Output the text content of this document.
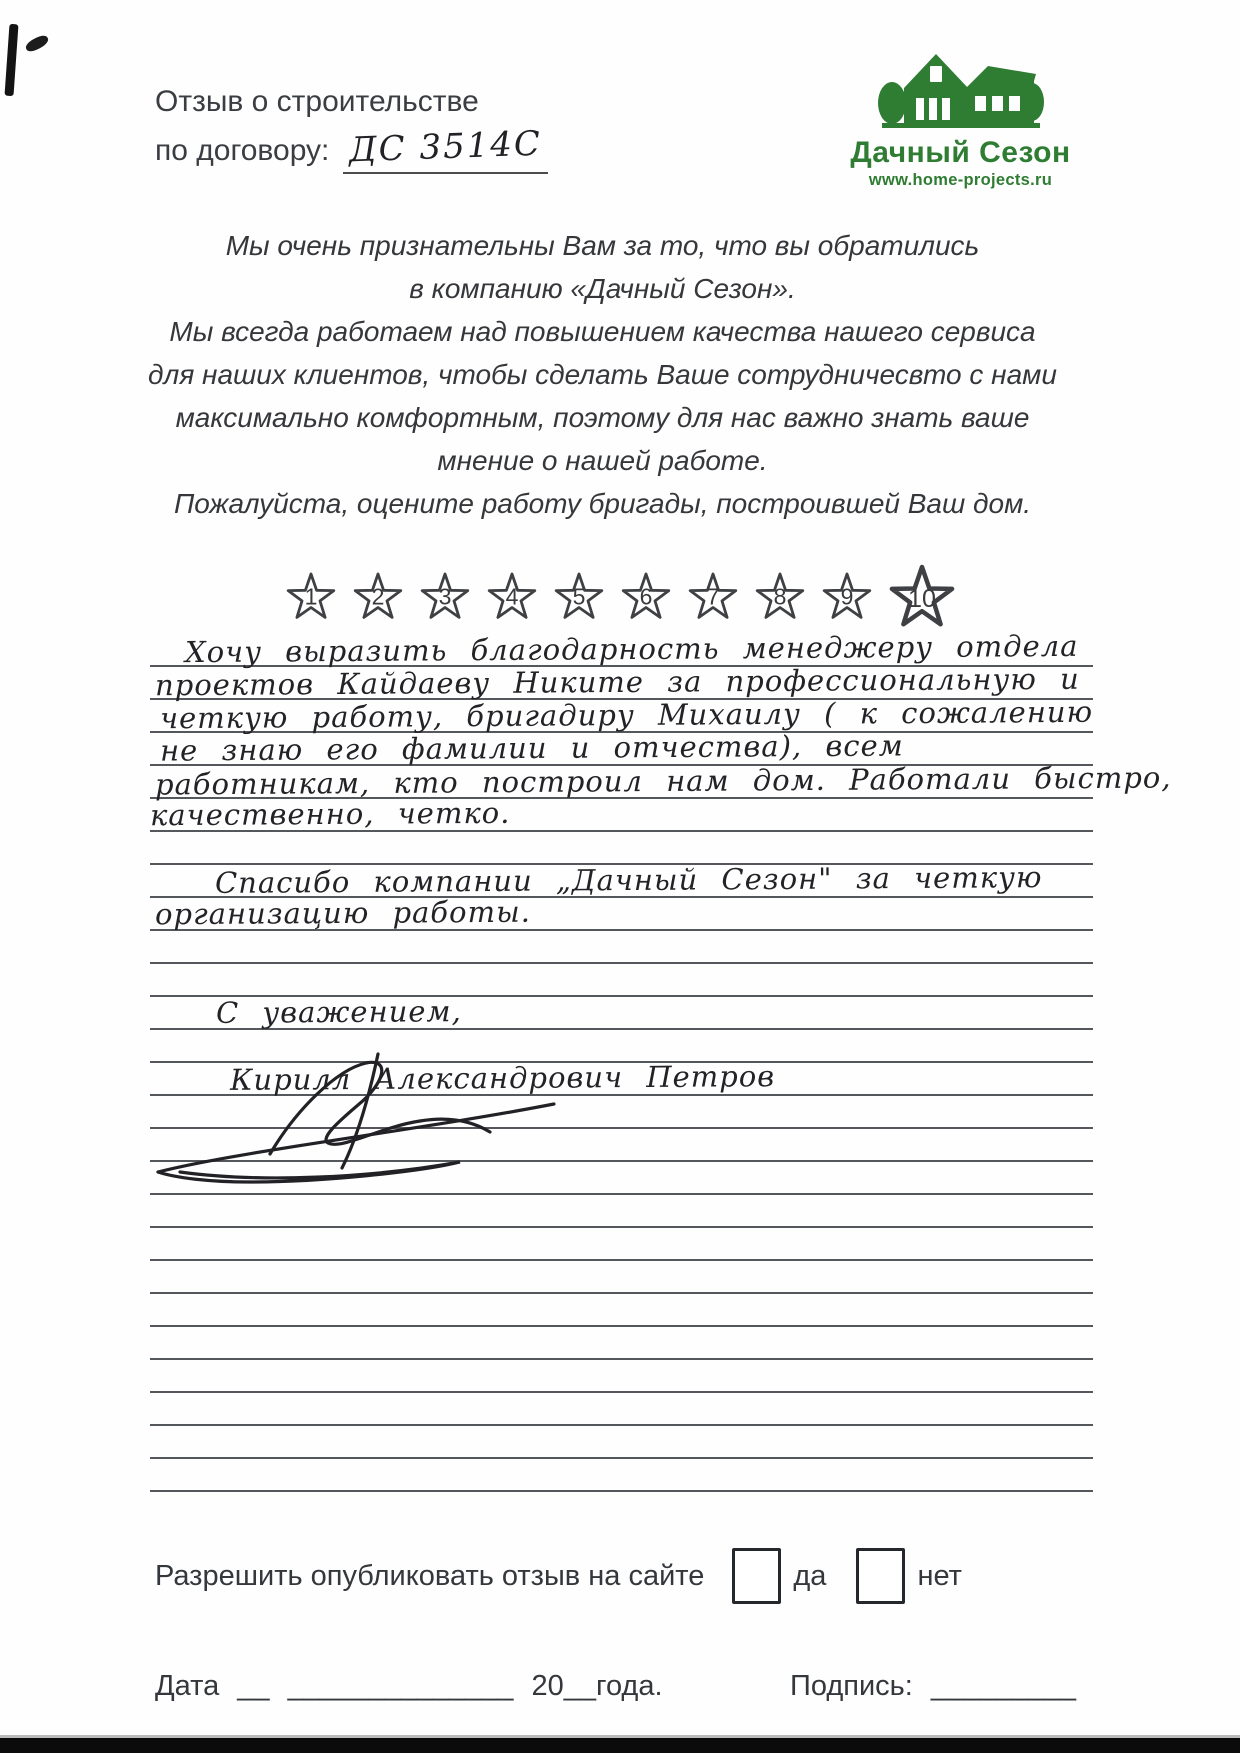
Отзыв о строительстве
по договору: ДС 3514С	Дачный Сезон
www.home-projects.ru
Мы очень признательны Вам за то, что вы обратились
в компанию «Дачный Сезон».
Мы всегда работаем над повышением качества нашего сервиса
для наших клиентов, чтобы сделать Ваше сотрудничесвто с нами
максимально комфортным, поэтому для нас важно знать ваше
мнение о нашей работе.
Пожалуйста, оцените работу бригады, построившей Ваш дом.
1 2 3 4 5 6 7 8 9	10
Хочу выразить благодарность менеджеру отдела
проектов Кайдаеву Никите за профессиональную и
четкую работу, бригадиру Михаилу ( к сожалению
не знаю его фамилии и отчества), всем
работникам, кто построил нам дом. Работали быстро,
качественно, четко.
Спасибо компании „Дачный Сезон" за четкую
организацию работы.
С уважением,
Кирилл Александрович Петров
Разрешить опубликовать отзыв на сайте	да	нет
Дата __ ______________ 20__года.	Подпись: _________
